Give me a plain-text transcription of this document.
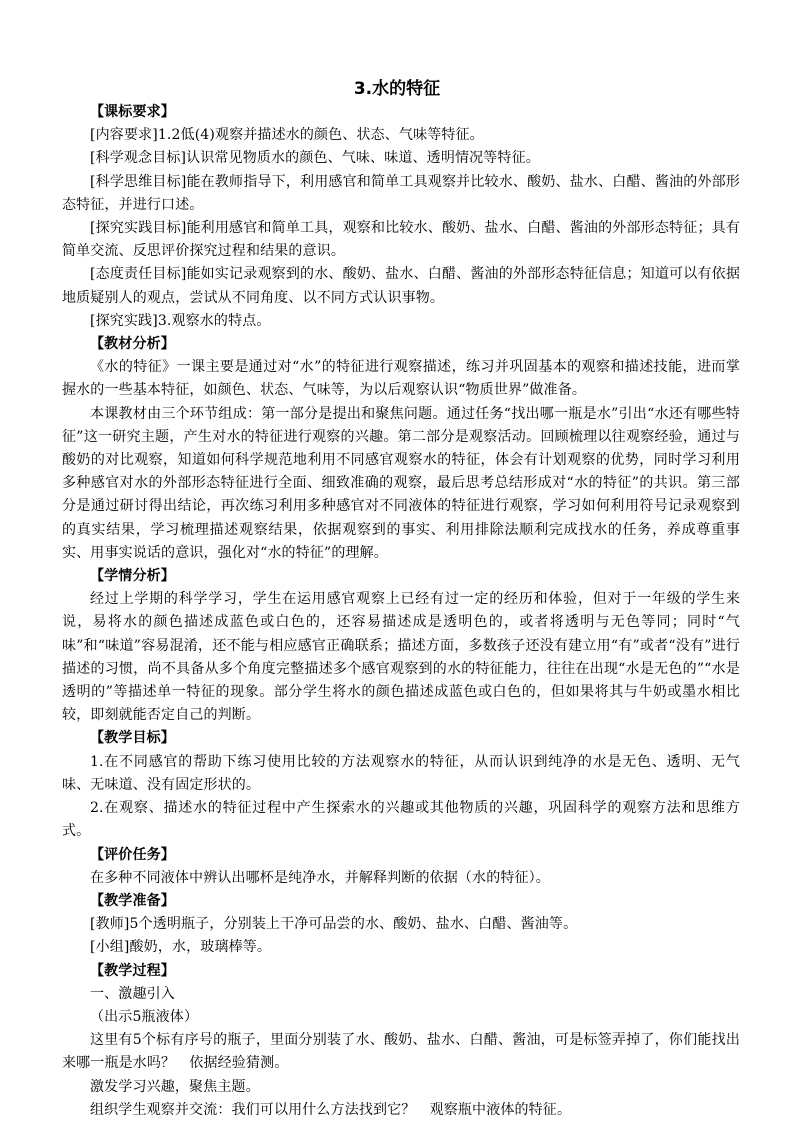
3.水的特征

【课标要求】

[内容要求]1.2低(4)观察并描述水的颜色、状态、气味等特征。

[科学观念目标]认识常见物质水的颜色、气味、味道、透明情况等特征。

[科学思维目标]能在教师指导下，利用感官和简单工具观察并比较水、酸奶、盐水、白醋、酱油的外部形态特征，并进行口述。

[探究实践目标]能利用感官和简单工具，观察和比较水、酸奶、盐水、白醋、酱油的外部形态特征；具有简单交流、反思评价探究过程和结果的意识。

[态度责任目标]能如实记录观察到的水、酸奶、盐水、白醋、酱油的外部形态特征信息；知道可以有依据地质疑别人的观点，尝试从不同角度、以不同方式认识事物。

[探究实践]3.观察水的特点。

【教材分析】

《水的特征》一课主要是通过对“水”的特征进行观察描述，练习并巩固基本的观察和描述技能，进而掌握水的一些基本特征，如颜色、状态、气味等，为以后观察认识“物质世界”做准备。

本课教材由三个环节组成：第一部分是提出和聚焦问题。通过任务“找出哪一瓶是水”引出“水还有哪些特征”这一研究主题，产生对水的特征进行观察的兴趣。第二部分是观察活动。回顾梳理以往观察经验，通过与酸奶的对比观察，知道如何科学规范地利用不同感官观察水的特征，体会有计划观察的优势，同时学习利用多种感官对水的外部形态特征进行全面、细致准确的观察，最后思考总结形成对“水的特征”的共识。第三部分是通过研讨得出结论，再次练习利用多种感官对不同液体的特征进行观察，学习如何利用符号记录观察到的真实结果，学习梳理描述观察结果，依据观察到的事实、利用排除法顺利完成找水的任务，养成尊重事实、用事实说话的意识，强化对“水的特征”的理解。

【学情分析】

经过上学期的科学学习，学生在运用感官观察上已经有过一定的经历和体验，但对于一年级的学生来说，易将水的颜色描述成蓝色或白色的，还容易描述成是透明色的，或者将透明与无色等同；同时“气味”和“味道”容易混淆，还不能与相应感官正确联系；描述方面，多数孩子还没有建立用“有”或者“没有”进行描述的习惯，尚不具备从多个角度完整描述多个感官观察到的水的特征能力，往往在出现“水是无色的”“水是透明的”等描述单一特征的现象。部分学生将水的颜色描述成蓝色或白色的，但如果将其与牛奶或墨水相比较，即刻就能否定自己的判断。

【教学目标】

1.在不同感官的帮助下练习使用比较的方法观察水的特征，从而认识到纯净的水是无色、透明、无气味、无味道、没有固定形状的。

2.在观察、描述水的特征过程中产生探索水的兴趣或其他物质的兴趣，巩固科学的观察方法和思维方式。

【评价任务】

在多种不同液体中辨认出哪杯是纯净水，并解释判断的依据（水的特征）。

【教学准备】

[教师]5个透明瓶子，分别装上干净可品尝的水、酸奶、盐水、白醋、酱油等。

[小组]酸奶，水，玻璃棒等。

【教学过程】

一、激趣引入

（出示5瓶液体）

这里有5个标有序号的瓶子，里面分别装了水、酸奶、盐水、白醋、酱油，可是标签弄掉了，你们能找出来哪一瓶是水吗？　依据经验猜测。

激发学习兴趣，聚焦主题。

组织学生观察并交流：我们可以用什么方法找到它？　观察瓶中液体的特征。
